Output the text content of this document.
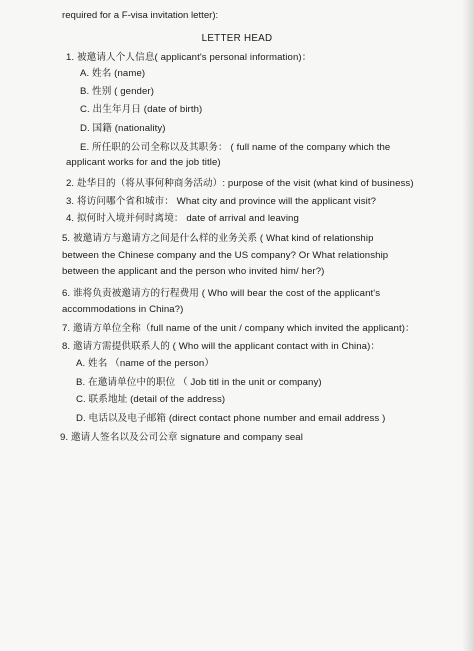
required for a F-visa invitation letter):
LETTER HEAD
1. 被邀请人个人信息( applicant's personal information)：
A. 姓名 (name)
B. 性别 ( gender)
C. 出生年月日 (date of birth)
D. 国籍 (nationality)
E. 所任职的公司全称以及其职务： ( full name of the company which the
applicant works for and the job title)
2. 赴华目的（将从事何种商务活动）: purpose of the visit (what kind of business)
3. 将访问哪个省和城市： What city and province will the applicant visit?
4. 拟何时入境并何时离境： date of arrival and leaving
5. 被邀请方与邀请方之间是什么样的业务关系 ( What kind of relationship
between the Chinese company and the US company? Or What relationship
between the applicant and the person who invited him/ her?)
6. 谁将负责被邀请方的行程费用 ( Who will bear the cost of the applicant's
accommodations in China?)
7. 邀请方单位全称（full name of the unit / company which invited the applicant)：
8. 邀请方需提供联系人的 ( Who will the applicant contact with in China)：
A. 姓名 （name of the person）
B. 在邀请单位中的职位 （ Job titl in the unit or company)
C. 联系地址 (detail of the address)
D. 电话以及电子邮箱 (direct contact phone number and email address )
9. 邀请人签名以及公司公章 signature and company seal
